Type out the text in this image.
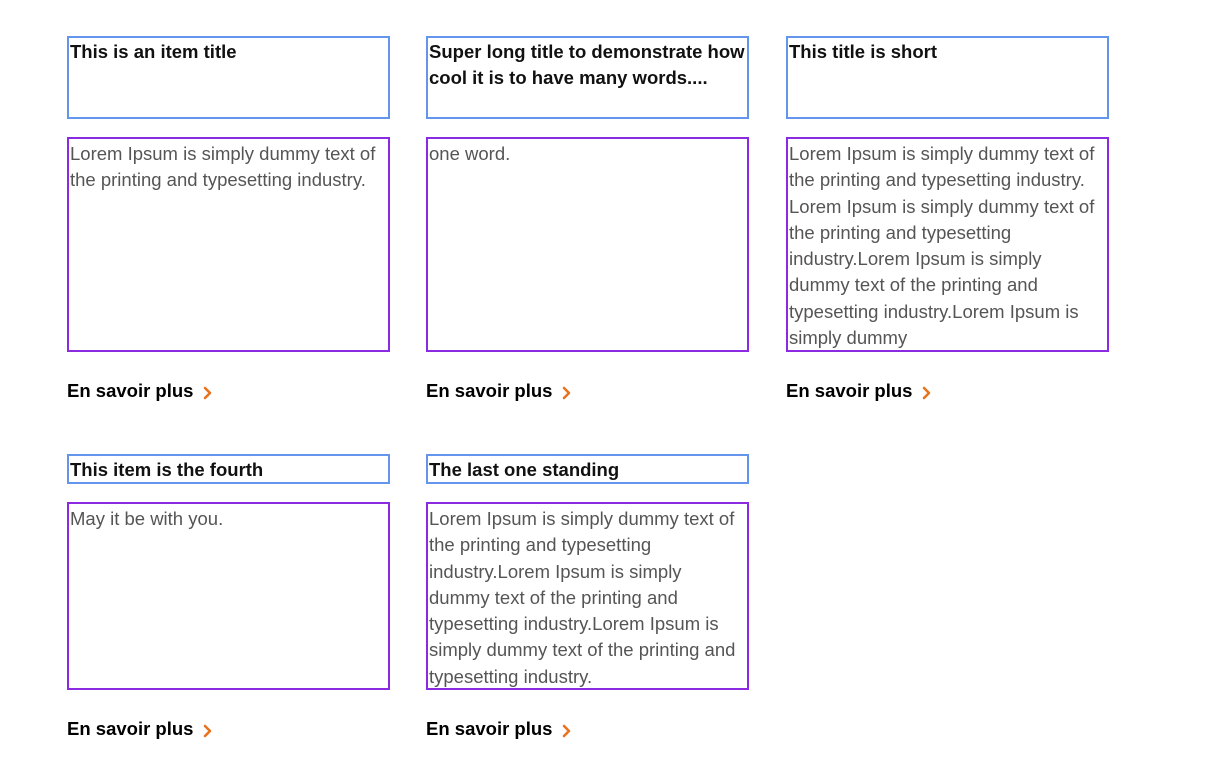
This is an item title
Lorem Ipsum is simply dummy text of the printing and typesetting industry.
En savoir plus
Super long title to demonstrate how cool it is to have many words....
one word.
En savoir plus
This title is short
Lorem Ipsum is simply dummy text of the printing and typesetting industry. Lorem Ipsum is simply dummy text of the printing and typesetting industry.Lorem Ipsum is simply dummy text of the printing and typesetting industry.Lorem Ipsum is simply dummy
En savoir plus
This item is the fourth
May it be with you.
En savoir plus
The last one standing
Lorem Ipsum is simply dummy text of the printing and typesetting industry.Lorem Ipsum is simply dummy text of the printing and typesetting industry.Lorem Ipsum is simply dummy text of the printing and typesetting industry.
En savoir plus
